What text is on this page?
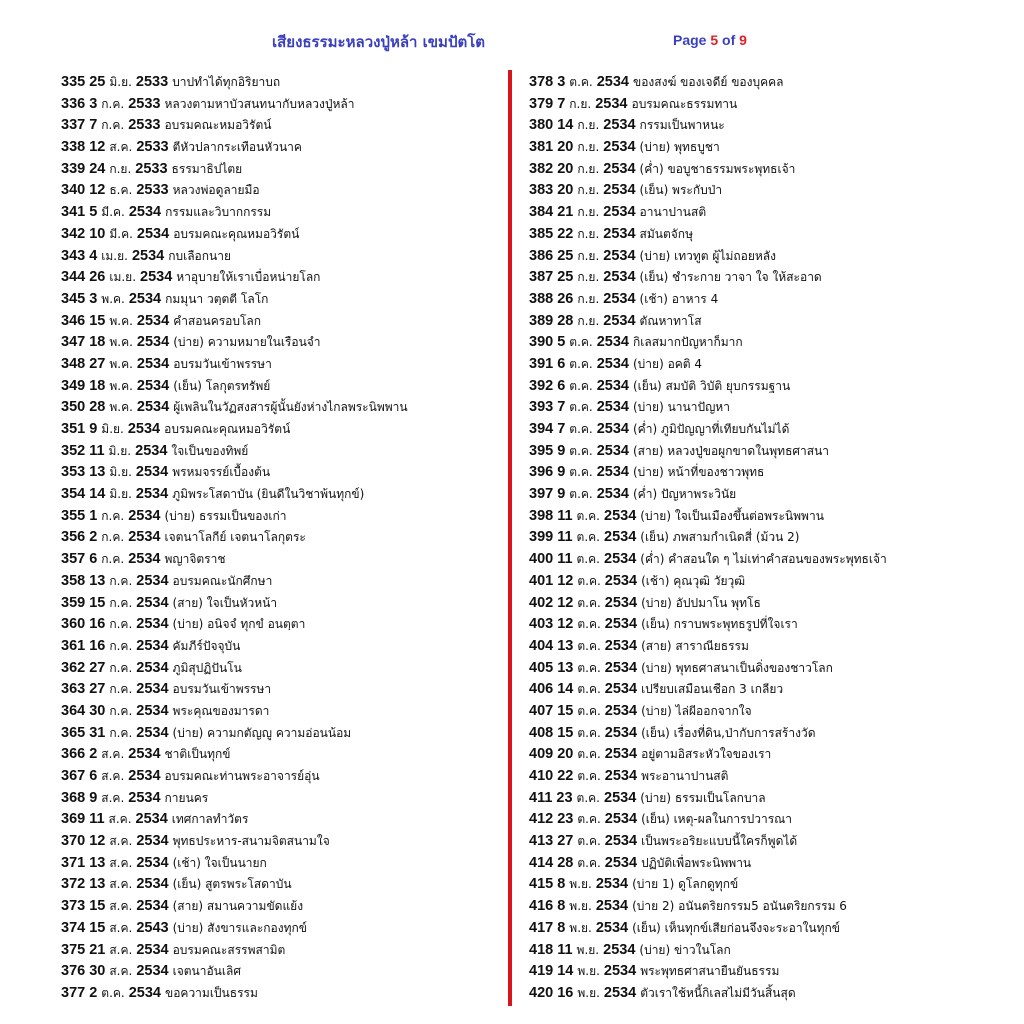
เสียงธรรมะหลวงปู่หล้า เขมปัตโต	Page 5 of 9
335 25 มิ.ย. 2533 บาปทำได้ทุกอิริยาบถ
336 3 ก.ค. 2533 หลวงตามหาบัวสนทนากับหลวงปู่หล้า
337 7 ก.ค. 2533 อบรมคณะหมอวิรัตน์
338 12 ส.ค. 2533 ตีหัวปลากระเทือนหัวนาค
339 24 ก.ย. 2533 ธรรมาธิปไตย
340 12 ธ.ค. 2533 หลวงพ่อดูลายมือ
341 5 มี.ค. 2534 กรรมและวิบากกรรม
342 10 มี.ค. 2534 อบรมคณะคุณหมอวิรัตน์
343 4 เม.ย. 2534 กบเลือกนาย
344 26 เม.ย. 2534 หาอุบายให้เราเบื่อหน่ายโลก
345 3 พ.ค. 2534 กมมุนา วตฺตตี โลโก
346 15 พ.ค. 2534 คำสอนครอบโลก
347 18 พ.ค. 2534 (บ่าย) ความหมายในเรือนจำ
348 27 พ.ค. 2534 อบรมวันเข้าพรรษา
349 18 พ.ค. 2534 (เย็น) โลกุตรทรัพย์
350 28 พ.ค. 2534 ผู้เพลินในวัฏสงสารผู้นั้นยังห่างไกลพระนิพพาน
351 9 มิ.ย. 2534 อบรมคณะคุณหมอวิรัตน์
352 11 มิ.ย. 2534 ใจเป็นของทิพย์
353 13 มิ.ย. 2534 พรหมจรรย์เบื้องต้น
354 14 มิ.ย. 2534 ภูมิพระโสดาบัน (ยินดีในวิชาพ้นทุกข์)
355 1 ก.ค. 2534 (บ่าย) ธรรมเป็นของเก่า
356 2 ก.ค. 2534 เจตนาโลกีย์ เจตนาโลกุตระ
357 6 ก.ค. 2534 พญาจิตราช
358 13 ก.ค. 2534 อบรมคณะนักศึกษา
359 15 ก.ค. 2534 (สาย) ใจเป็นหัวหน้า
360 16 ก.ค. 2534 (บ่าย) อนิจจํ ทุกขํ อนตฺตา
361 16 ก.ค. 2534 คัมภีร์ปัจจุบัน
362 27 ก.ค. 2534 ภูมิสุปฏิปันโน
363 27 ก.ค. 2534 อบรมวันเข้าพรรษา
364 30 ก.ค. 2534 พระคุณของมารดา
365 31 ก.ค. 2534 (บ่าย) ความกตัญญู ความอ่อนน้อม
366 2 ส.ค. 2534 ชาติเป็นทุกข์
367 6 ส.ค. 2534 อบรมคณะท่านพระอาจารย์อุ่น
368 9 ส.ค. 2534 กายนคร
369 11 ส.ค. 2534 เทศกาลทำวัตร
370 12 ส.ค. 2534 พุทธประหาร-สนามจิตสนามใจ
371 13 ส.ค. 2534 (เช้า) ใจเป็นนายก
372 13 ส.ค. 2534 (เย็น) สูตรพระโสดาบัน
373 15 ส.ค. 2534 (สาย) สมานความขัดแย้ง
374 15 ส.ค. 2543 (บ่าย) สังขารและกองทุกข์
375 21 ส.ค. 2534 อบรมคณะสรรพสามิต
376 30 ส.ค. 2534 เจตนาอันเลิศ
377 2 ต.ค. 2534 ขอความเป็นธรรม
378 3 ต.ค. 2534 ของสงฆ์ ของเจดีย์ ของบุคคล
379 7 ก.ย. 2534 อบรมคณะธรรมทาน
380 14 ก.ย. 2534 กรรมเป็นพาหนะ
381 20 ก.ย. 2534 (บ่าย) พุทธบูชา
382 20 ก.ย. 2534 (ค่ำ) ขอบูชาธรรมพระพุทธเจ้า
383 20 ก.ย. 2534 (เย็น) พระกับป่า
384 21 ก.ย. 2534 อานาปานสติ
385 22 ก.ย. 2534 สมันตจักษุ
386 25 ก.ย. 2534 (บ่าย) เทวทูต ผู้ไม่ถอยหลัง
387 25 ก.ย. 2534 (เย็น) ชำระกาย วาจา ใจ ให้สะอาด
388 26 ก.ย. 2534 (เช้า) อาหาร 4
389 28 ก.ย. 2534 ตัณหาทาโส
390 5 ต.ค. 2534 กิเลสมากปัญหาก็มาก
391 6 ต.ค. 2534 (บ่าย) อคติ 4
392 6 ต.ค. 2534 (เย็น) สมบัติ วิบัติ ยุบกรรมฐาน
393 7 ต.ค. 2534 (บ่าย) นานาปัญหา
394 7 ต.ค. 2534 (ค่ำ) ภูมิปัญญาที่เทียบกันไม่ได้
395 9 ต.ค. 2534 (สาย) หลวงปู่ขอผูกขาดในพุทธศาสนา
396 9 ต.ค. 2534 (บ่าย) หน้าที่ของชาวพุทธ
397 9 ต.ค. 2534 (ค่ำ) ปัญหาพระวินัย
398 11 ต.ค. 2534 (บ่าย) ใจเป็นเมืองขึ้นต่อพระนิพพาน
399 11 ต.ค. 2534 (เย็น) ภพสามกำเนิดสี่ (ม้วน 2)
400 11 ต.ค. 2534 (ค่ำ) คำสอนใด ๆ ไม่เท่าคำสอนของพระพุทธเจ้า
401 12 ต.ค. 2534 (เช้า) คุณวุฒิ วัยวุฒิ
402 12 ต.ค. 2534 (บ่าย) อัปปมาโน พุทโธ
403 12 ต.ค. 2534 (เย็น) กราบพระพุทธรูปที่ใจเรา
404 13 ต.ค. 2534 (สาย) สาราณียธรรม
405 13 ต.ค. 2534 (บ่าย) พุทธศาสนาเป็นดิ่งของชาวโลก
406 14 ต.ค. 2534 เปรียบเสมือนเชือก 3 เกลียว
407 15 ต.ค. 2534 (บ่าย) ไล่ผีออกจากใจ
408 15 ต.ค. 2534 (เย็น) เรื่องที่ดิน,ป่ากับการสร้างวัด
409 20 ต.ค. 2534 อยู่ตามอิสระหัวใจของเรา
410 22 ต.ค. 2534 พระอานาปานสติ
411 23 ต.ค. 2534 (บ่าย) ธรรมเป็นโลกบาล
412 23 ต.ค. 2534 (เย็น) เหตุ-ผลในการปวารณา
413 27 ต.ค. 2534 เป็นพระอริยะแบบนี้ใครก็พูดได้
414 28 ต.ค. 2534 ปฏิบัติเพื่อพระนิพพาน
415 8 พ.ย. 2534 (บ่าย 1) ดูโลกดูทุกข์
416 8 พ.ย. 2534 (บ่าย 2) อนันตริยกรรม5 อนันตริยกรรม 6
417 8 พ.ย. 2534 (เย็น) เห็นทุกข์เสียก่อนจึงจะระอาในทุกข์
418 11 พ.ย. 2534 (บ่าย) ข่าวในโลก
419 14 พ.ย. 2534 พระพุทธศาสนายืนยันธรรม
420 16 พ.ย. 2534 ตัวเราใช้หนี้กิเลสไม่มีวันสิ้นสุด
